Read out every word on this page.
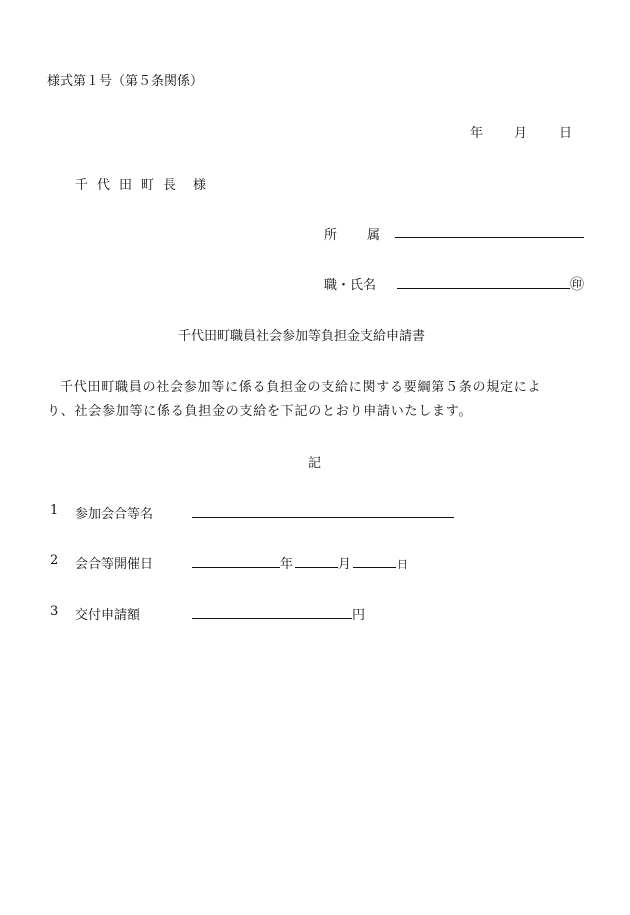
様式第１号（第５条関係）
年 月 日
千 代 田 町 長 様
所 属
職・氏名	㊞
千代田町職員社会参加等負担金支給申請書
千代田町職員の社会参加等に係る負担金の支給に関する要綱第５条の規定によ
り、社会参加等に係る負担金の支給を下記のとおり申請いたします。
記
1 参加会合等名
2 会合等開催日	年	月	日
3 交付申請額	円
